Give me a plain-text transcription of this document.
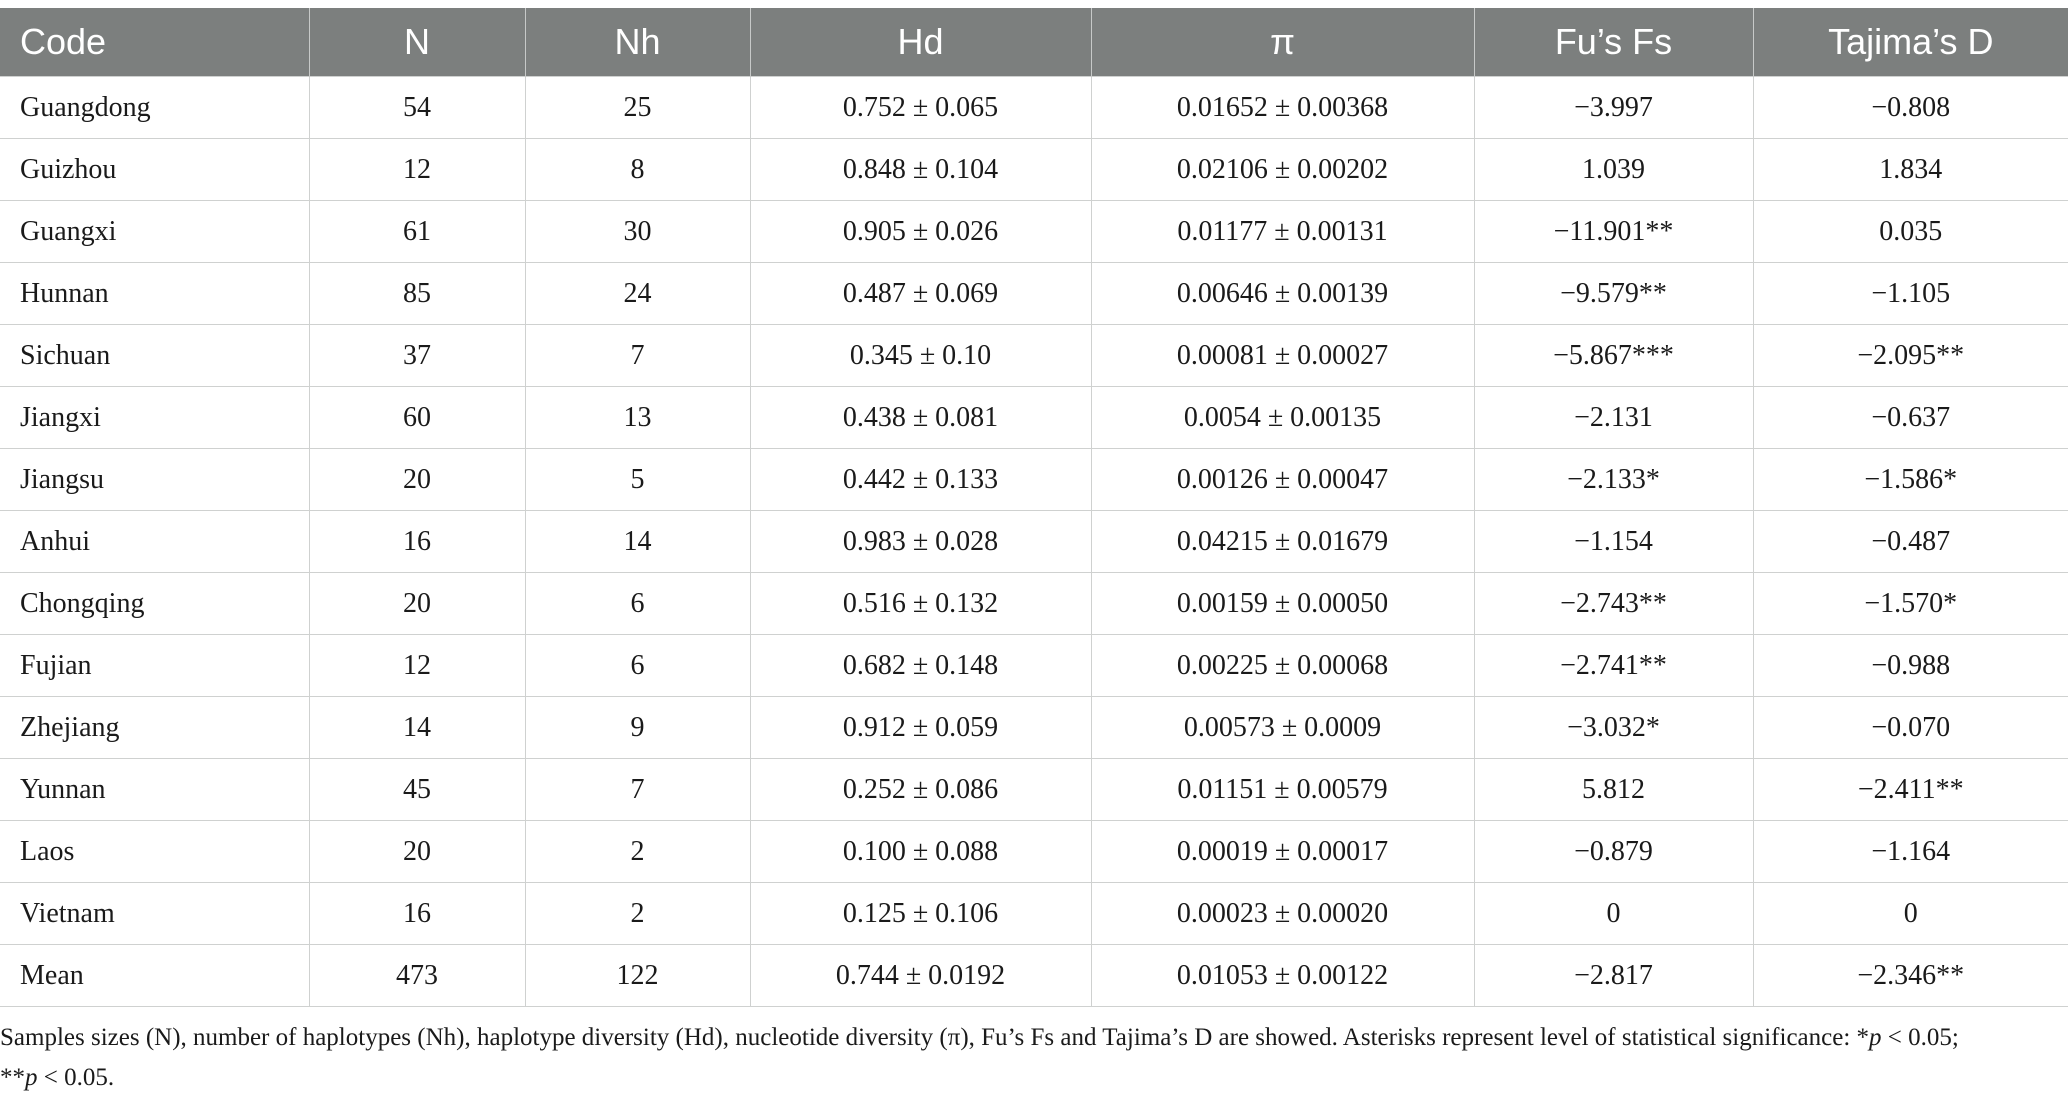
Code	N	Nh	Hd	π	Fu’s Fs	Tajima’s D
Guangdong	54	25	0.752 ± 0.065	0.01652 ± 0.00368	−3.997	−0.808
Guizhou	12	8	0.848 ± 0.104	0.02106 ± 0.00202	1.039	1.834
Guangxi	61	30	0.905 ± 0.026	0.01177 ± 0.00131	−11.901**	0.035
Hunnan	85	24	0.487 ± 0.069	0.00646 ± 0.00139	−9.579**	−1.105
Sichuan	37	7	0.345 ± 0.10	0.00081 ± 0.00027	−5.867***	−2.095**
Jiangxi	60	13	0.438 ± 0.081	0.0054 ± 0.00135	−2.131	−0.637
Jiangsu	20	5	0.442 ± 0.133	0.00126 ± 0.00047	−2.133*	−1.586*
Anhui	16	14	0.983 ± 0.028	0.04215 ± 0.01679	−1.154	−0.487
Chongqing	20	6	0.516 ± 0.132	0.00159 ± 0.00050	−2.743**	−1.570*
Fujian	12	6	0.682 ± 0.148	0.00225 ± 0.00068	−2.741**	−0.988
Zhejiang	14	9	0.912 ± 0.059	0.00573 ± 0.0009	−3.032*	−0.070
Yunnan	45	7	0.252 ± 0.086	0.01151 ± 0.00579	5.812	−2.411**
Laos	20	2	0.100 ± 0.088	0.00019 ± 0.00017	−0.879	−1.164
Vietnam	16	2	0.125 ± 0.106	0.00023 ± 0.00020	0	0
Mean	473	122	0.744 ± 0.0192	0.01053 ± 0.00122	−2.817	−2.346**
Samples sizes (N), number of haplotypes (Nh), haplotype diversity (Hd), nucleotide diversity (π), Fu’s Fs and Tajima’s D are showed. Asterisks represent level of statistical significance: *p < 0.05;
**p < 0.05.
